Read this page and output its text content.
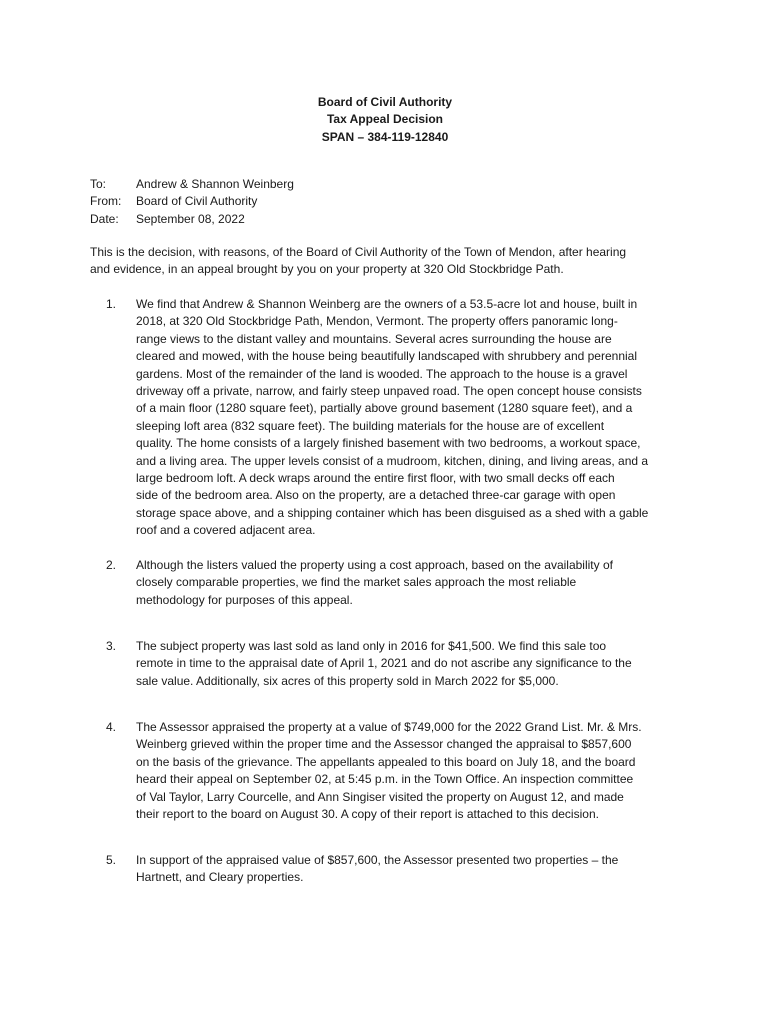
Board of Civil Authority
Tax Appeal Decision
SPAN – 384-119-12840
To:	Andrew & Shannon Weinberg
From:	Board of Civil Authority
Date:	September 08, 2022
This is the decision, with reasons, of the Board of Civil Authority of the Town of Mendon, after hearing
and evidence, in an appeal brought by you on your property at 320 Old Stockbridge Path.
1.	We find that Andrew & Shannon Weinberg are the owners of a 53.5-acre lot and house, built in
2018, at 320 Old Stockbridge Path, Mendon, Vermont. The property offers panoramic long-
range views to the distant valley and mountains. Several acres surrounding the house are
cleared and mowed, with the house being beautifully landscaped with shrubbery and perennial
gardens. Most of the remainder of the land is wooded. The approach to the house is a gravel
driveway off a private, narrow, and fairly steep unpaved road. The open concept house consists
of a main floor (1280 square feet), partially above ground basement (1280 square feet), and a
sleeping loft area (832 square feet). The building materials for the house are of excellent
quality. The home consists of a largely finished basement with two bedrooms, a workout space,
and a living area. The upper levels consist of a mudroom, kitchen, dining, and living areas, and a
large bedroom loft. A deck wraps around the entire first floor, with two small decks off each
side of the bedroom area. Also on the property, are a detached three-car garage with open
storage space above, and a shipping container which has been disguised as a shed with a gable
roof and a covered adjacent area.
2.	Although the listers valued the property using a cost approach, based on the availability of
closely comparable properties, we find the market sales approach the most reliable
methodology for purposes of this appeal.
3.	The subject property was last sold as land only in 2016 for $41,500. We find this sale too
remote in time to the appraisal date of April 1, 2021 and do not ascribe any significance to the
sale value. Additionally, six acres of this property sold in March 2022 for $5,000.
4.	The Assessor appraised the property at a value of $749,000 for the 2022 Grand List. Mr. & Mrs.
Weinberg grieved within the proper time and the Assessor changed the appraisal to $857,600
on the basis of the grievance. The appellants appealed to this board on July 18, and the board
heard their appeal on September 02, at 5:45 p.m. in the Town Office. An inspection committee
of Val Taylor, Larry Courcelle, and Ann Singiser visited the property on August 12, and made
their report to the board on August 30. A copy of their report is attached to this decision.
5.	In support of the appraised value of $857,600, the Assessor presented two properties – the
Hartnett, and Cleary properties.
